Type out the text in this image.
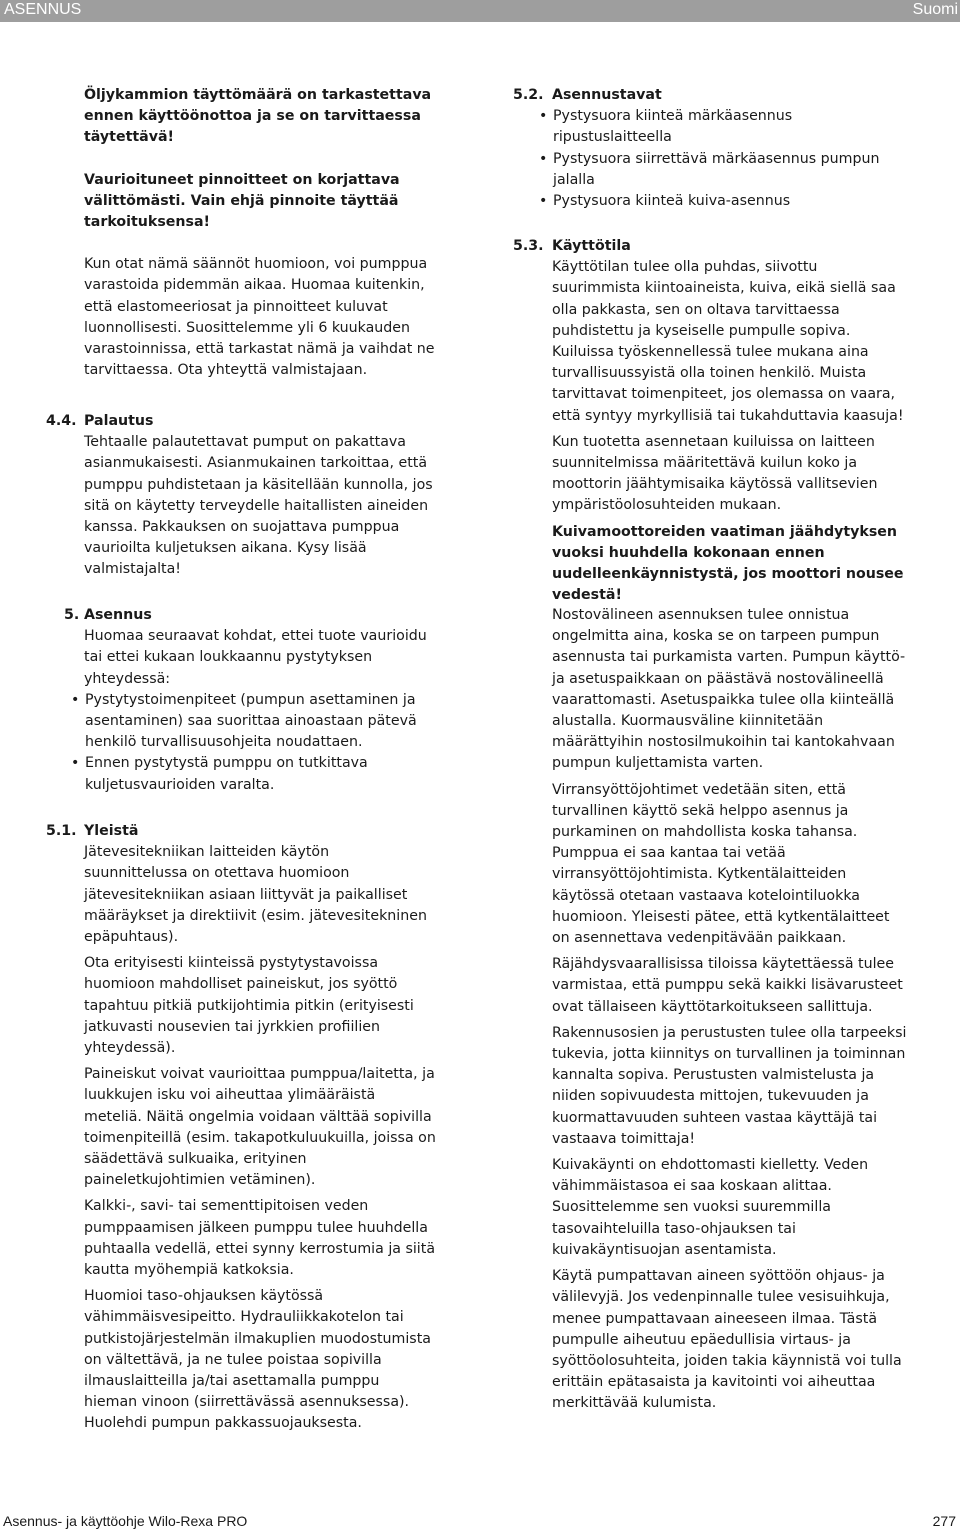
ASENNUS	Suomi

Öljykammion täyttömäärä on tarkastettava ennen käyttöönottoa ja se on tarvittaessa täytettävä!

Vaurioituneet pinnoitteet on korjattava välittömästi. Vain ehjä pinnoite täyttää tarkoituksensa!

Kun otat nämä säännöt huomioon, voi pumppua varastoida pidemmän aikaa. Huomaa kuitenkin, että elastomeeriosat ja pinnoitteet kuluvat luonnollisesti. Suosittelemme yli 6 kuukauden varastoinnissa, että tarkastat nämä ja vaihdat ne tarvittaessa. Ota yhteyttä valmistajaan.

4.4. Palautus

Tehtaalle palautettavat pumput on pakattava asianmukaisesti. Asianmukainen tarkoittaa, että pumppu puhdistetaan ja käsitellään kunnolla, jos sitä on käytetty terveydelle haitallisten aineiden kanssa. Pakkauksen on suojattava pumppua vaurioilta kuljetuksen aikana. Kysy lisää valmistajalta!

5. Asennus

Huomaa seuraavat kohdat, ettei tuote vaurioidu tai ettei kukaan loukkaannu pystytyksen yhteydessä:

• Pystytystoimenpiteet (pumpun asettaminen ja asentaminen) saa suorittaa ainoastaan pätevä henkilö turvallisuusohjeita noudattaen.
• Ennen pystytystä pumppu on tutkittava kuljetusvaurioiden varalta.
5.1. Yleistä

Jätevesitekniikan laitteiden käytön suunnittelussa on otettava huomioon jätevesitekniikan asiaan liittyvät ja paikalliset määräykset ja direktiivit (esim. jätevesitekninen epäpuhtaus).

Ota erityisesti kiinteissä pystytystavoissa huomioon mahdolliset paineiskut, jos syöttö tapahtuu pitkiä putkijohtimia pitkin (erityisesti jatkuvasti nousevien tai jyrkkien profiilien yhteydessä).

Paineiskut voivat vaurioittaa pumppua/laitetta, ja luukkujen isku voi aiheuttaa ylimääräistä meteliä. Näitä ongelmia voidaan välttää sopivilla toimenpiteillä (esim. takapotkuluukuilla, joissa on säädettävä sulkuaika, erityinen paineletkujohtimien vetäminen).

Kalkki-, savi- tai sementtipitoisen veden pumppaamisen jälkeen pumppu tulee huuhdella puhtaalla vedellä, ettei synny kerrostumia ja siitä kautta myöhempiä katkoksia.

Huomioi taso-ohjauksen käytössä vähimmäisvesipeitto. Hydrauliikkakotelon tai putkistojärjestelmän ilmakuplien muodostumista on vältettävä, ja ne tulee poistaa sopivilla ilmauslaitteilla ja/tai asettamalla pumppu hieman vinoon (siirrettävässä asennuksessa). Huolehdi pumpun pakkassuojauksesta.

5.2. Asennustavat

• Pystysuora kiinteä märkäasennus ripustuslaitteella
• Pystysuora siirrettävä märkäasennus pumpun jalalla
• Pystysuora kiinteä kuiva-asennus
5.3. Käyttötila

Käyttötilan tulee olla puhdas, siivottu suurimmista kiintoaineista, kuiva, eikä siellä saa olla pakkasta, sen on oltava tarvittaessa puhdistettu ja kyseiselle pumpulle sopiva. Kuiluissa työskennellessä tulee mukana aina turvallisuussyistä olla toinen henkilö. Muista tarvittavat toimenpiteet, jos olemassa on vaara, että syntyy myrkyllisiä tai tukahduttavia kaasuja!

Kun tuotetta asennetaan kuiluissa on laitteen suunnitelmissa määritettävä kuilun koko ja moottorin jäähtymisaika käytössä vallitsevien ympäristöolosuhteiden mukaan.

Kuivamoottoreiden vaatiman jäähdytyksen vuoksi huuhdella kokonaan ennen uudelleenkäynnistystä, jos moottori nousee vedestä!

Nostovälineen asennuksen tulee onnistua ongelmitta aina, koska se on tarpeen pumpun asennusta tai purkamista varten. Pumpun käyttö- ja asetuspaikkaan on päästävä nostovälineellä vaarattomasti. Asetuspaikka tulee olla kiinteällä alustalla. Kuormausväline kiinnitetään määrättyihin nostosilmukoihin tai kantokahvaan pumpun kuljettamista varten.

Virransyöttöjohtimet vedetään siten, että turvallinen käyttö sekä helppo asennus ja purkaminen on mahdollista koska tahansa. Pumppua ei saa kantaa tai vetää virransyöttöjohtimista. Kytkentälaitteiden käytössä otetaan vastaava kotelointiluokka huomioon. Yleisesti pätee, että kytkentälaitteet on asennettava vedenpitävään paikkaan.

Räjähdysvaarallisissa tiloissa käytettäessä tulee varmistaa, että pumppu sekä kaikki lisävarusteet ovat tällaiseen käyttötarkoitukseen sallittuja.

Rakennusosien ja perustusten tulee olla tarpeeksi tukevia, jotta kiinnitys on turvallinen ja toiminnan kannalta sopiva. Perustusten valmistelusta ja niiden sopivuudesta mittojen, tukevuuden ja kuormattavuuden suhteen vastaa käyttäjä tai vastaava toimittaja!

Kuivakäynti on ehdottomasti kielletty. Veden vähimmäistasoa ei saa koskaan alittaa. Suosittelemme sen vuoksi suuremmilla tasovaihteluilla taso-ohjauksen tai kuivakäyntisuojan asentamista.

Käytä pumpattavan aineen syöttöön ohjaus- ja välilevyjä. Jos vedenpinnalle tulee vesisuihkuja, menee pumpattavaan aineeseen ilmaa. Tästä pumpulle aiheutuu epäedullisia virtaus- ja syöttöolosuhteita, joiden takia käynnistä voi tulla erittäin epätasaista ja kavitointi voi aiheuttaa merkittävää kulumista.

Asennus- ja käyttöohje Wilo-Rexa PRO	277
